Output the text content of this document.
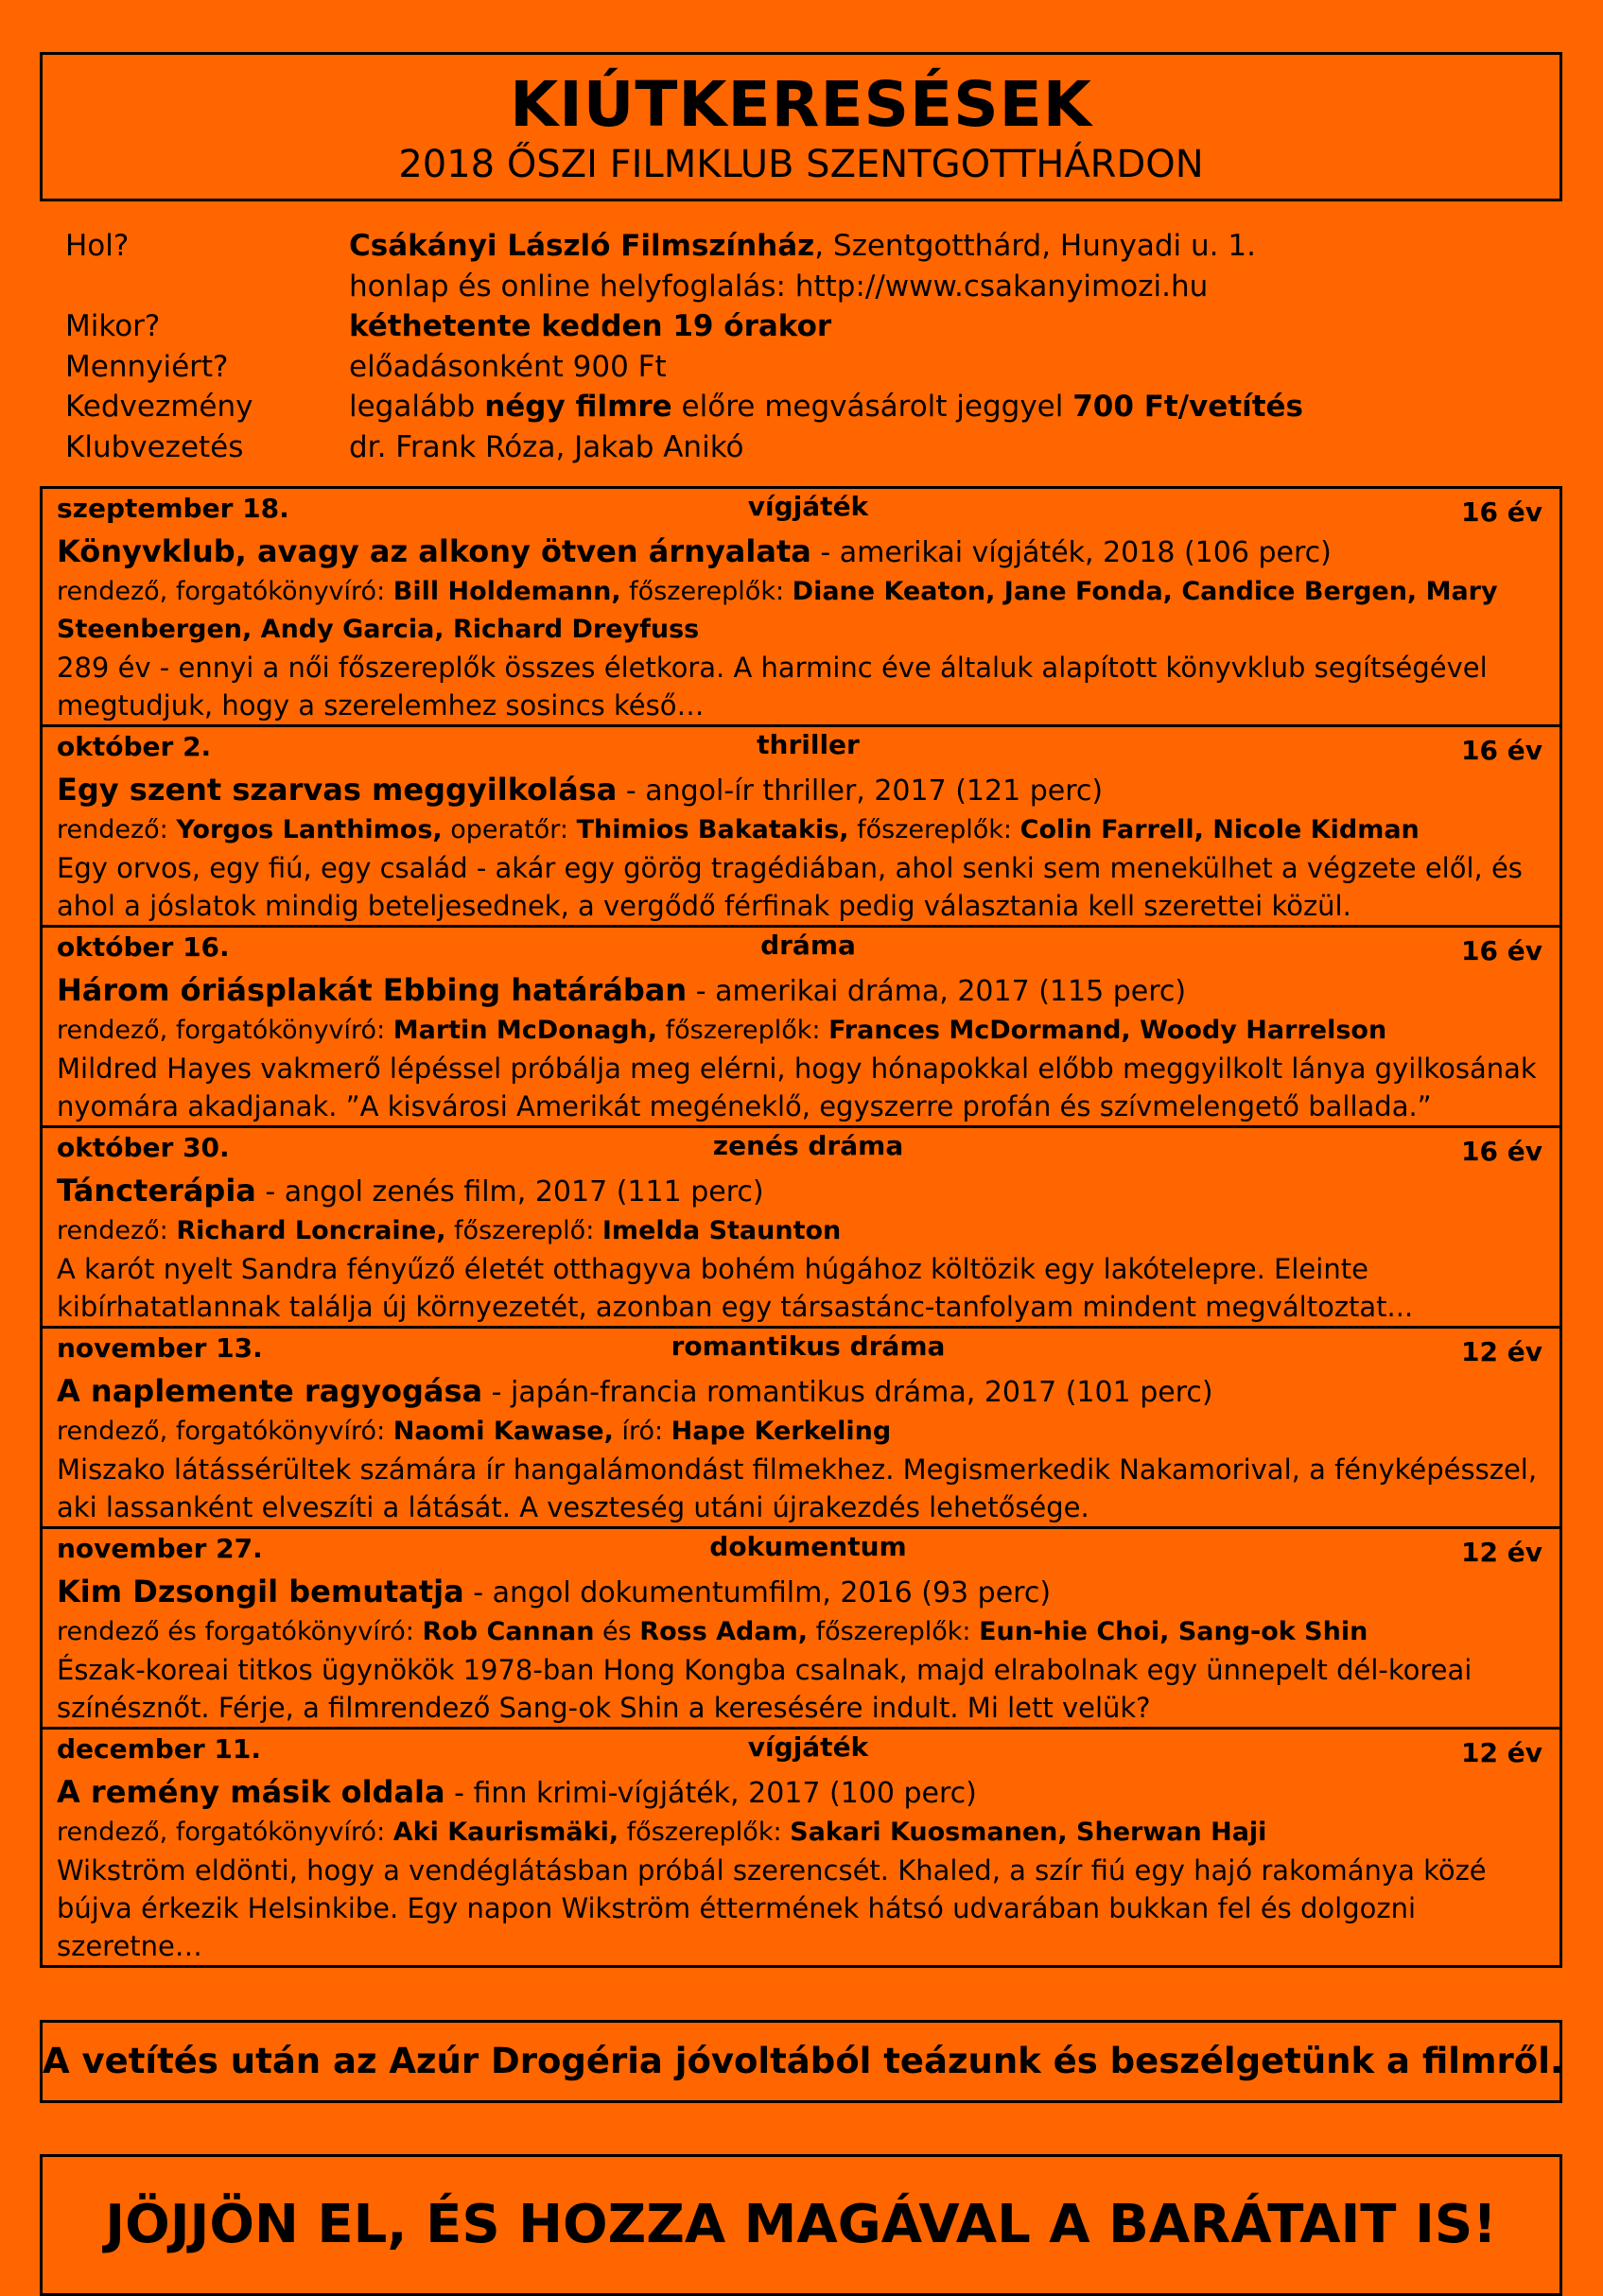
KIÚTKERESÉSEK
2018 ŐSZI FILMKLUB SZENTGOTTHÁRDON
Hol?	Csákányi László Filmszínház, Szentgotthárd, Hunyadi u. 1.
honlap és online helyfoglalás: http://www.csakanyimozi.hu
Mikor?	kéthetente kedden 19 órakor
Mennyiért?	előadásonként 900 Ft
Kedvezmény	legalább négy filmre előre megvásárolt jeggyel 700 Ft/vetítés
Klubvezetés	dr. Frank Róza, Jakab Anikó
szeptember 18.	vígjáték	16 év
Könyvklub, avagy az alkony ötven árnyalata - amerikai vígjáték, 2018 (106 perc)
rendező, forgatókönyvíró: Bill Holdemann, főszereplők: Diane Keaton, Jane Fonda, Candice Bergen, Mary Steenbergen, Andy Garcia, Richard Dreyfuss
289 év - ennyi a női főszereplők összes életkora. A harminc éve általuk alapított könyvklub segítségével megtudjuk, hogy a szerelemhez sosincs késő…
október 2.	thriller	16 év
Egy szent szarvas meggyilkolása - angol-ír thriller, 2017 (121 perc)
rendező: Yorgos Lanthimos, operatőr: Thimios Bakatakis, főszereplők: Colin Farrell, Nicole Kidman
Egy orvos, egy fiú, egy család - akár egy görög tragédiában, ahol senki sem menekülhet a végzete elől, és ahol a jóslatok mindig beteljesednek, a vergődő férfinak pedig választania kell szerettei közül.
október 16.	dráma	16 év
Három óriásplakát Ebbing határában - amerikai dráma, 2017 (115 perc)
rendező, forgatókönyvíró: Martin McDonagh, főszereplők: Frances McDormand, Woody Harrelson
Mildred Hayes vakmerő lépéssel próbálja meg elérni, hogy hónapokkal előbb meggyilkolt lánya gyilkosának nyomára akadjanak. ”A kisvárosi Amerikát megéneklő, egyszerre profán és szívmelengető ballada.”
október 30.	zenés dráma	16 év
Táncterápia - angol zenés film, 2017 (111 perc)
rendező: Richard Loncraine, főszereplő: Imelda Staunton
A karót nyelt Sandra fényűző életét otthagyva bohém húgához költözik egy lakótelepre. Eleinte kibírhatatlannak találja új környezetét, azonban egy társastánc-tanfolyam mindent megváltoztat...
november 13.	romantikus dráma	12 év
A naplemente ragyogása - japán-francia romantikus dráma, 2017 (101 perc)
rendező, forgatókönyvíró: Naomi Kawase, író: Hape Kerkeling
Miszako látássérültek számára ír hangalámondást filmekhez. Megismerkedik Nakamorival, a fényképésszel, aki lassanként elveszíti a látását. A veszteség utáni újrakezdés lehetősége.
november 27.	dokumentum	12 év
Kim Dzsongil bemutatja - angol dokumentumfilm, 2016 (93 perc)
rendező és forgatókönyvíró: Rob Cannan és Ross Adam, főszereplők: Eun-hie Choi, Sang-ok Shin
Észak-koreai titkos ügynökök 1978-ban Hong Kongba csalnak, majd elrabolnak egy ünnepelt dél-koreai színésznőt. Férje, a filmrendező Sang-ok Shin a keresésére indult. Mi lett velük?
december 11.	vígjáték	12 év
A remény másik oldala - finn krimi-vígjáték, 2017 (100 perc)
rendező, forgatókönyvíró: Aki Kaurismäki, főszereplők: Sakari Kuosmanen, Sherwan Haji
Wikström eldönti, hogy a vendéglátásban próbál szerencsét. Khaled, a szír fiú egy hajó rakománya közé bújva érkezik Helsinkibe. Egy napon Wikström éttermének hátsó udvarában bukkan fel és dolgozni szeretne…
A vetítés után az Azúr Drogéria jóvoltából teázunk és beszélgetünk a filmről.
JÖJJÖN EL, ÉS HOZZA MAGÁVAL A BARÁTAIT IS!
